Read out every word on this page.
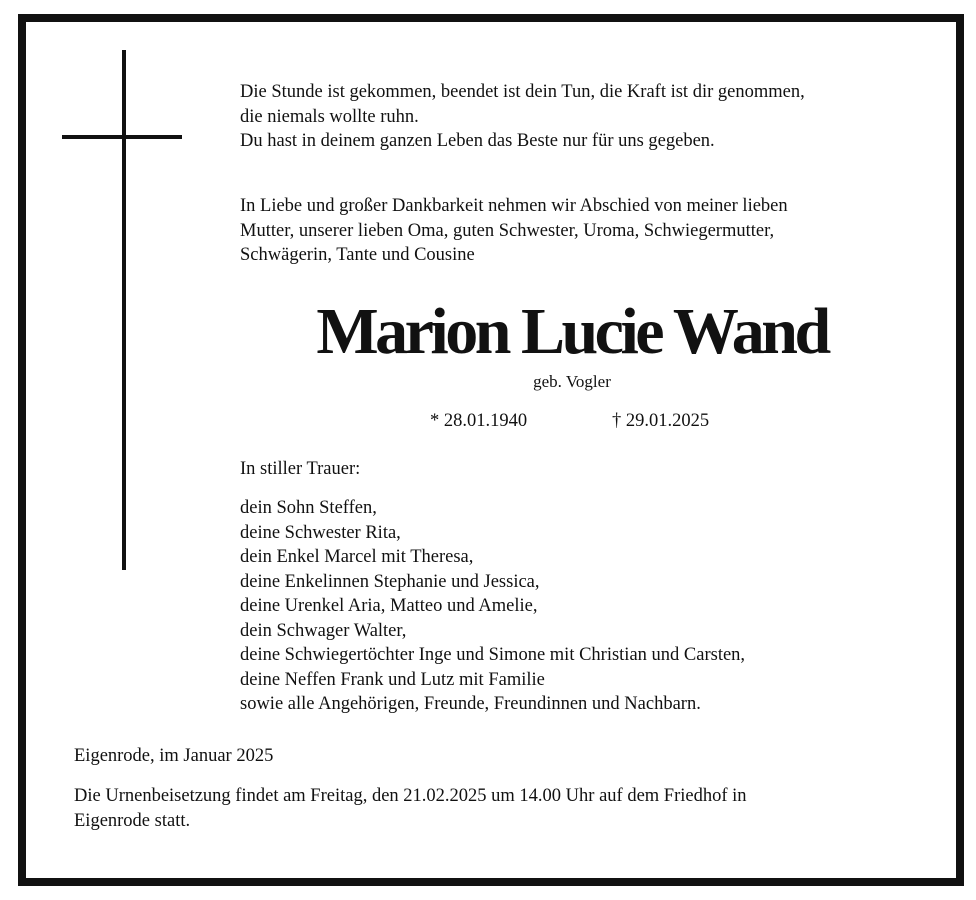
Die Stunde ist gekommen, beendet ist dein Tun, die Kraft ist dir genommen,
die niemals wollte ruhn.
Du hast in deinem ganzen Leben das Beste nur für uns gegeben.
In Liebe und großer Dankbarkeit nehmen wir Abschied von meiner lieben
Mutter, unserer lieben Oma, guten Schwester, Uroma, Schwiegermutter,
Schwägerin, Tante und Cousine
Marion Lucie Wand
geb. Vogler
* 28.01.1940	† 29.01.2025
In stiller Trauer:
dein Sohn Steffen,
deine Schwester Rita,
dein Enkel Marcel mit Theresa,
deine Enkelinnen Stephanie und Jessica,
deine Urenkel Aria, Matteo und Amelie,
dein Schwager Walter,
deine Schwiegertöchter Inge und Simone mit Christian und Carsten,
deine Neffen Frank und Lutz mit Familie
sowie alle Angehörigen, Freunde, Freundinnen und Nachbarn.
Eigenrode, im Januar 2025
Die Urnenbeisetzung findet am Freitag, den 21.02.2025 um 14.00 Uhr auf dem Friedhof in
Eigenrode statt.
